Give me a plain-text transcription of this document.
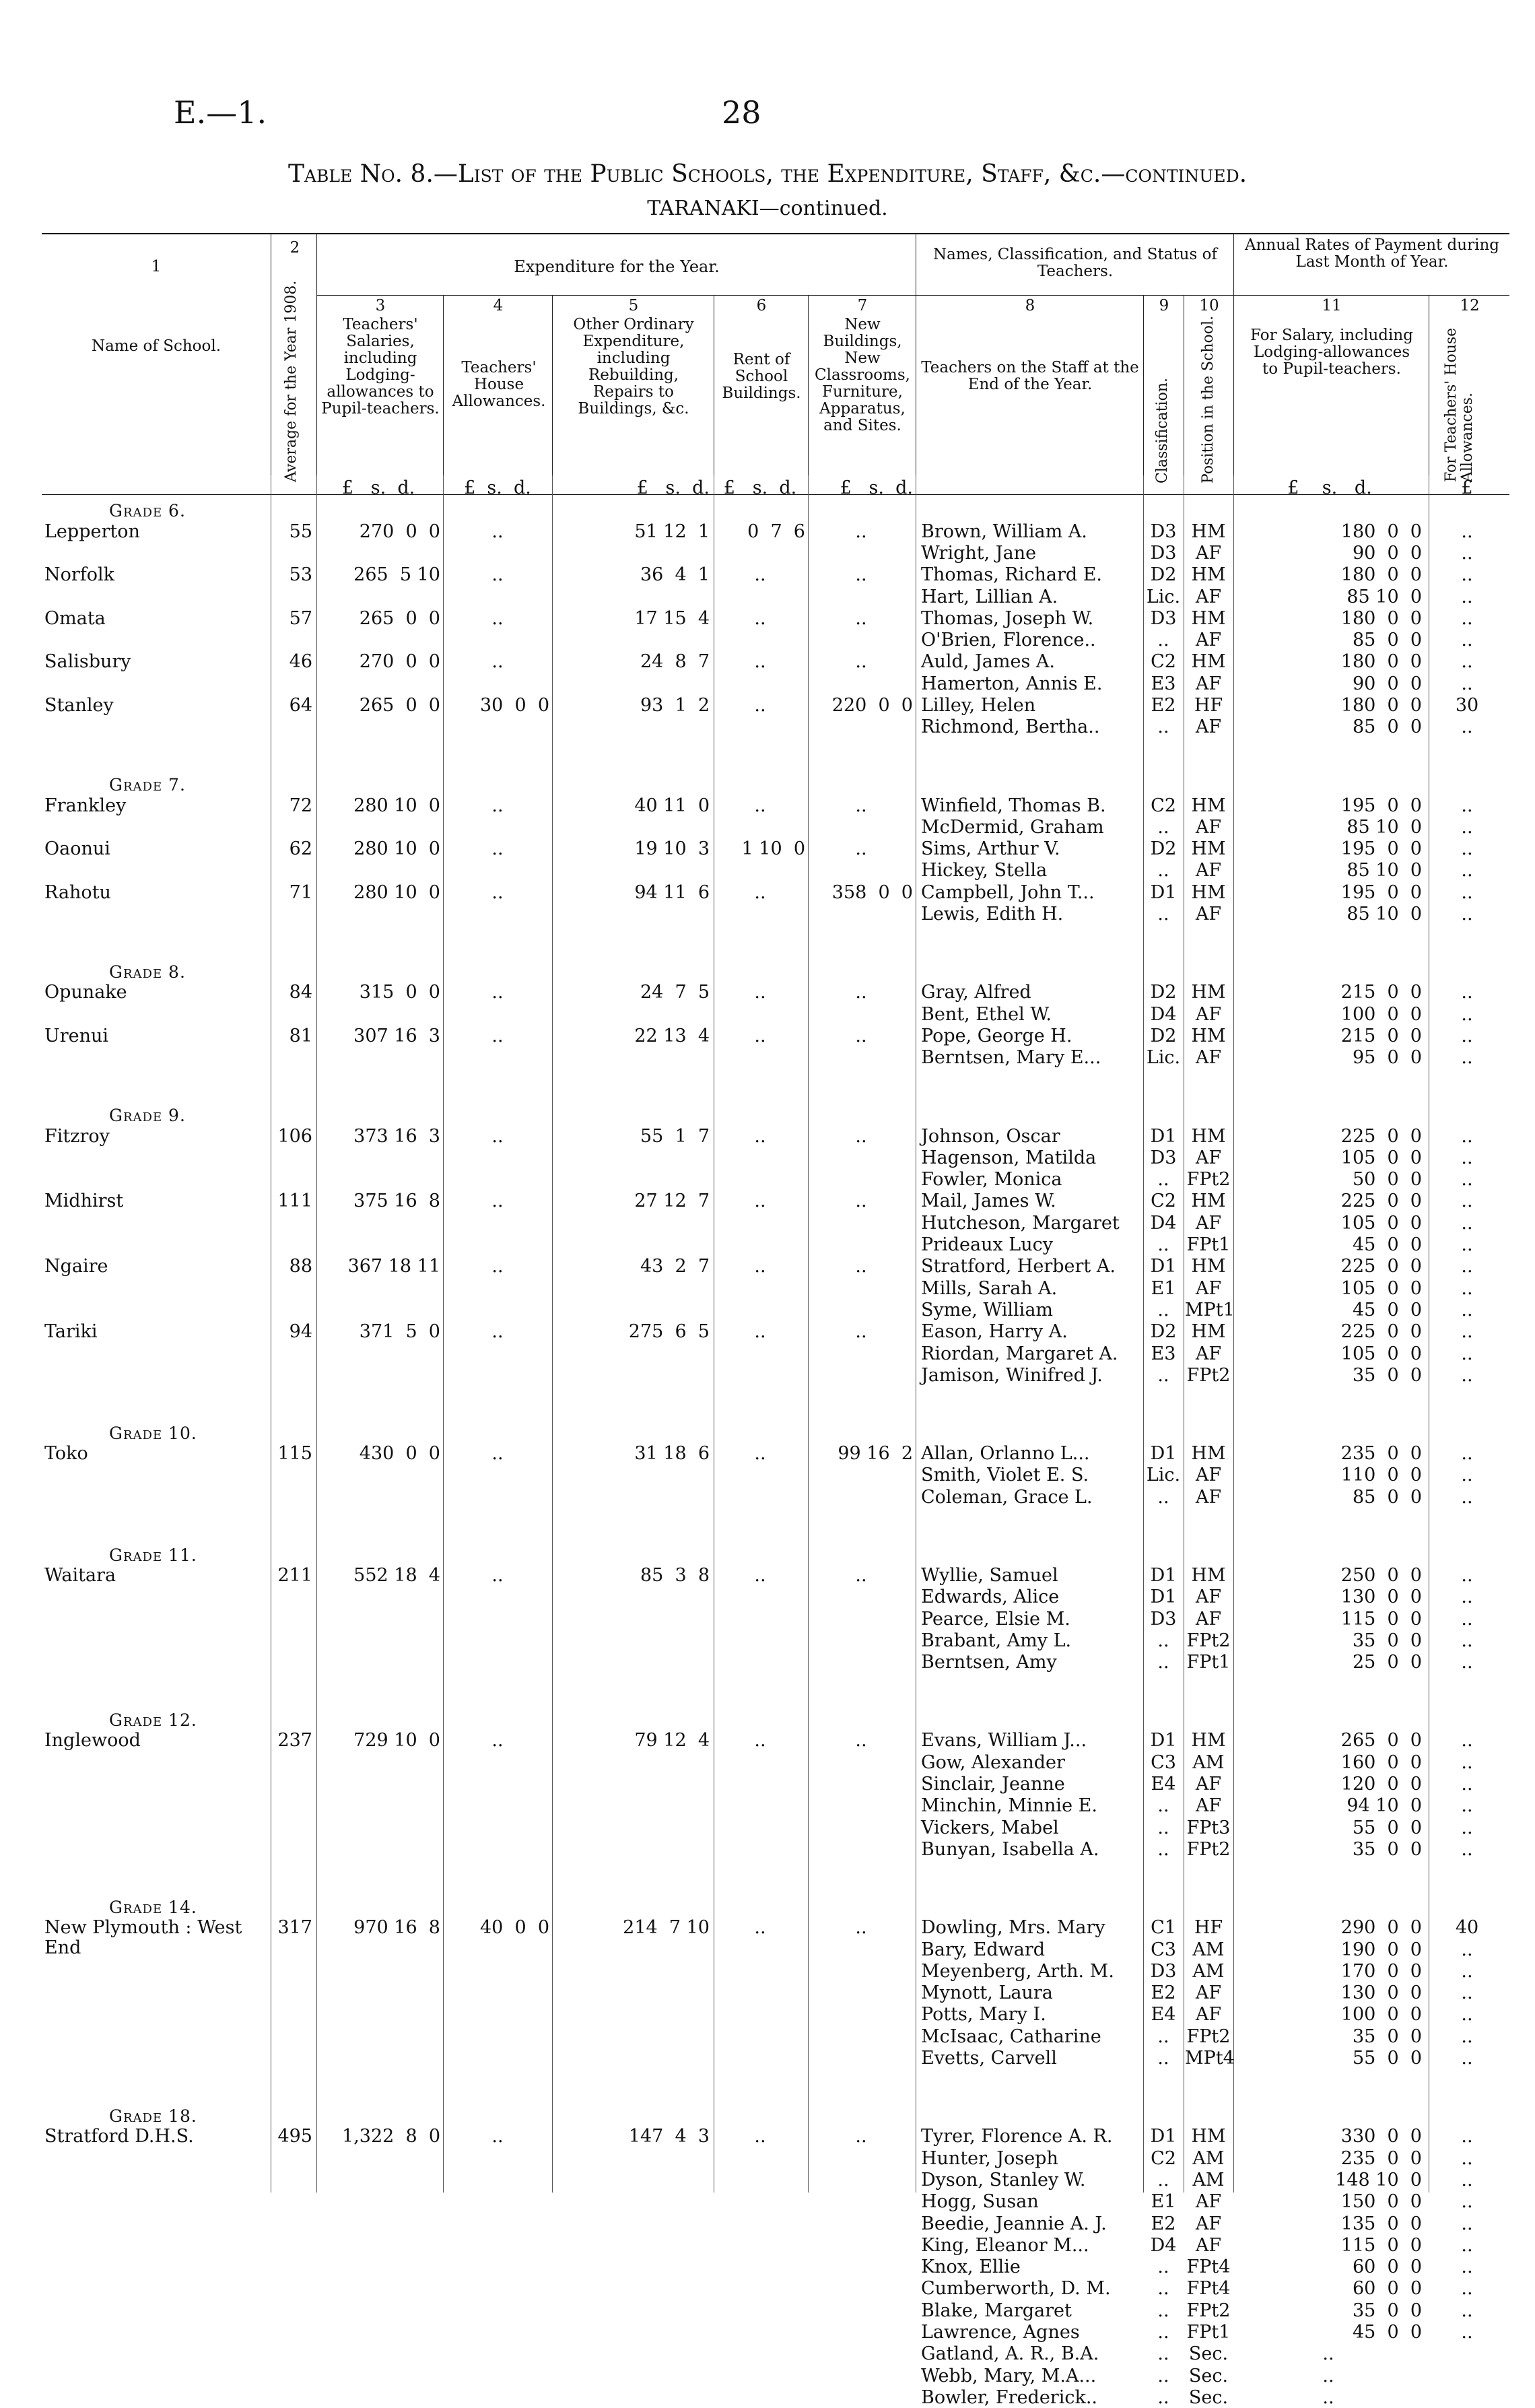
E.—1.	28
Table No. 8.—List of the Public Schools, the Expenditure, Staff, &c.—continued.
TARANAKI—continued.
1
Name of School.
2
Average for the Year 1908.
Expenditure for the Year.
3
Teachers' Salaries, including Lodging-allowances to Pupil-teachers.
4
Teachers' House Allowances.
5
Other Ordinary Expenditure, including Rebuilding, Repairs to Buildings, &c.
6
Rent of School Buildings.
7
New Buildings, New Classrooms, Furniture, Apparatus, and Sites.
Names, Classification, and Status of Teachers.
8
Teachers on the Staff at the End of the Year.
9
Classification.
10
Position in the School.
Annual Rates of Payment during Last Month of Year.
11
For Salary, including Lodging-allowances to Pupil-teachers.
12
For Teachers' House Allowances.
£   s.  d.	£  s.  d.	£   s.  d. £   s.  d.	£   s.  d.	£    s.   d.	£
Grade 6.
Lepperton	55	270  0  0	..	51 12  1	0  7  6	..	Brown, William A.	D3 HM	180  0  0	..
Wright, Jane	D3	AF	90  0  0	..
Norfolk	53	265  5 10	..	36  4  1	..	..	Thomas, Richard E.	D2 HM	180  0  0	..
Hart, Lillian A.	Lic. AF	85 10  0	..
Omata	57	265  0  0	..	17 15  4	..	..	Thomas, Joseph W.	D3 HM	180  0  0	..
O'Brien, Florence..	..	AF	85  0  0	..
Salisbury	46	270  0  0	..	24  8  7	..	..	Auld, James A.	C2 HM	180  0  0	..
Hamerton, Annis E.	E3	AF	90  0  0	..
Stanley	64	265  0  0	30  0  0	93  1  2	..	220  0  0 Lilley, Helen	E2	HF	180  0  0	30
Richmond, Bertha..	..	AF	85  0  0	..
Grade 7.
Frankley	72	280 10  0	..	40 11  0	..	..	Winfield, Thomas B.	C2 HM	195  0  0	..
McDermid, Graham	..	AF	85 10  0	..
Oaonui	62	280 10  0	..	19 10  3	1 10  0	..	Sims, Arthur V.	D2 HM	195  0  0	..
Hickey, Stella	..	AF	85 10  0	..
Rahotu	71	280 10  0	..	94 11  6	..	358  0  0 Campbell, John T...	D1 HM	195  0  0	..
Lewis, Edith H.	..	AF	85 10  0	..
Grade 8.
Opunake	84	315  0  0	..	24  7  5	..	..	Gray, Alfred	D2 HM	215  0  0	..
Bent, Ethel W.	D4	AF	100  0  0	..
Urenui	81	307 16  3	..	22 13  4	..	..	Pope, George H.	D2 HM	215  0  0	..
Berntsen, Mary E...	Lic. AF	95  0  0	..
Grade 9.
Fitzroy	106	373 16  3	..	55  1  7	..	..	Johnson, Oscar	D1 HM	225  0  0	..
Hagenson, Matilda	D3	AF	105  0  0	..
Fowler, Monica	.. FPt2	50  0  0	..
Midhirst	111	375 16  8	..	27 12  7	..	..	Mail, James W.	C2 HM	225  0  0	..
Hutcheson, Margaret	D4	AF	105  0  0	..
Prideaux Lucy	.. FPt1	45  0  0	..
Ngaire	88	367 18 11	..	43  2  7	..	..	Stratford, Herbert A.	D1 HM	225  0  0	..
Mills, Sarah A.	E1	AF	105  0  0	..
Syme, William	.. MPt1	45  0  0	..
Tariki	94	371  5  0	..	275  6  5	..	..	Eason, Harry A.	D2 HM	225  0  0	..
Riordan, Margaret A.	E3	AF	105  0  0	..
Jamison, Winifred J.	.. FPt2	35  0  0	..
Grade 10.
Toko	115	430  0  0	..	31 18  6	..	99 16  2 Allan, Orlanno L...	D1 HM	235  0  0	..
Smith, Violet E. S.	Lic. AF	110  0  0	..
Coleman, Grace L.	..	AF	85  0  0	..
Grade 11.
Waitara	211	552 18  4	..	85  3  8	..	..	Wyllie, Samuel	D1 HM	250  0  0	..
Edwards, Alice	D1	AF	130  0  0	..
Pearce, Elsie M.	D3	AF	115  0  0	..
Brabant, Amy L.	.. FPt2	35  0  0	..
Berntsen, Amy	.. FPt1	25  0  0	..
Grade 12.
Inglewood	237	729 10  0	..	79 12  4	..	..	Evans, William J...	D1 HM	265  0  0	..
Gow, Alexander	C3 AM	160  0  0	..
Sinclair, Jeanne	E4	AF	120  0  0	..
Minchin, Minnie E.	..	AF	94 10  0	..
Vickers, Mabel	.. FPt3	55  0  0	..
Bunyan, Isabella A.	.. FPt2	35  0  0	..
Grade 14.
New Plymouth : West End
317	970 16  8	40  0  0	214  7 10	..	..	Dowling, Mrs. Mary	C1 HF	290  0  0	40
Bary, Edward	C3 AM	190  0  0	..
Meyenberg, Arth. M.	D3 AM	170  0  0	..
Mynott, Laura	E2	AF	130  0  0	..
Potts, Mary I.	E4	AF	100  0  0	..
McIsaac, Catharine	.. FPt2	35  0  0	..
Evetts, Carvell	.. MPt4	55  0  0	..
Grade 18.
Stratford D.H.S.	495	1,322  8  0	..	147  4  3	..	..	Tyrer, Florence A. R.	D1 HM	330  0  0	..
Hunter, Joseph	C2 AM	235  0  0	..
Dyson, Stanley W.	..	AM	148 10  0	..
Hogg, Susan	E1	AF	150  0  0	..
Beedie, Jeannie A. J.	E2	AF	135  0  0	..
King, Eleanor M...	D4	AF	115  0  0	..
Knox, Ellie	.. FPt4	60  0  0	..
Cumberworth, D. M.	.. FPt4	60  0  0	..
Blake, Margaret	.. FPt2	35  0  0	..
Lawrence, Agnes	.. FPt1	45  0  0	..
Gatland, A. R., B.A.	..	Sec.	..
Webb, Mary, M.A...	..	Sec.	..
Bowler, Frederick..	..	Sec.	..
